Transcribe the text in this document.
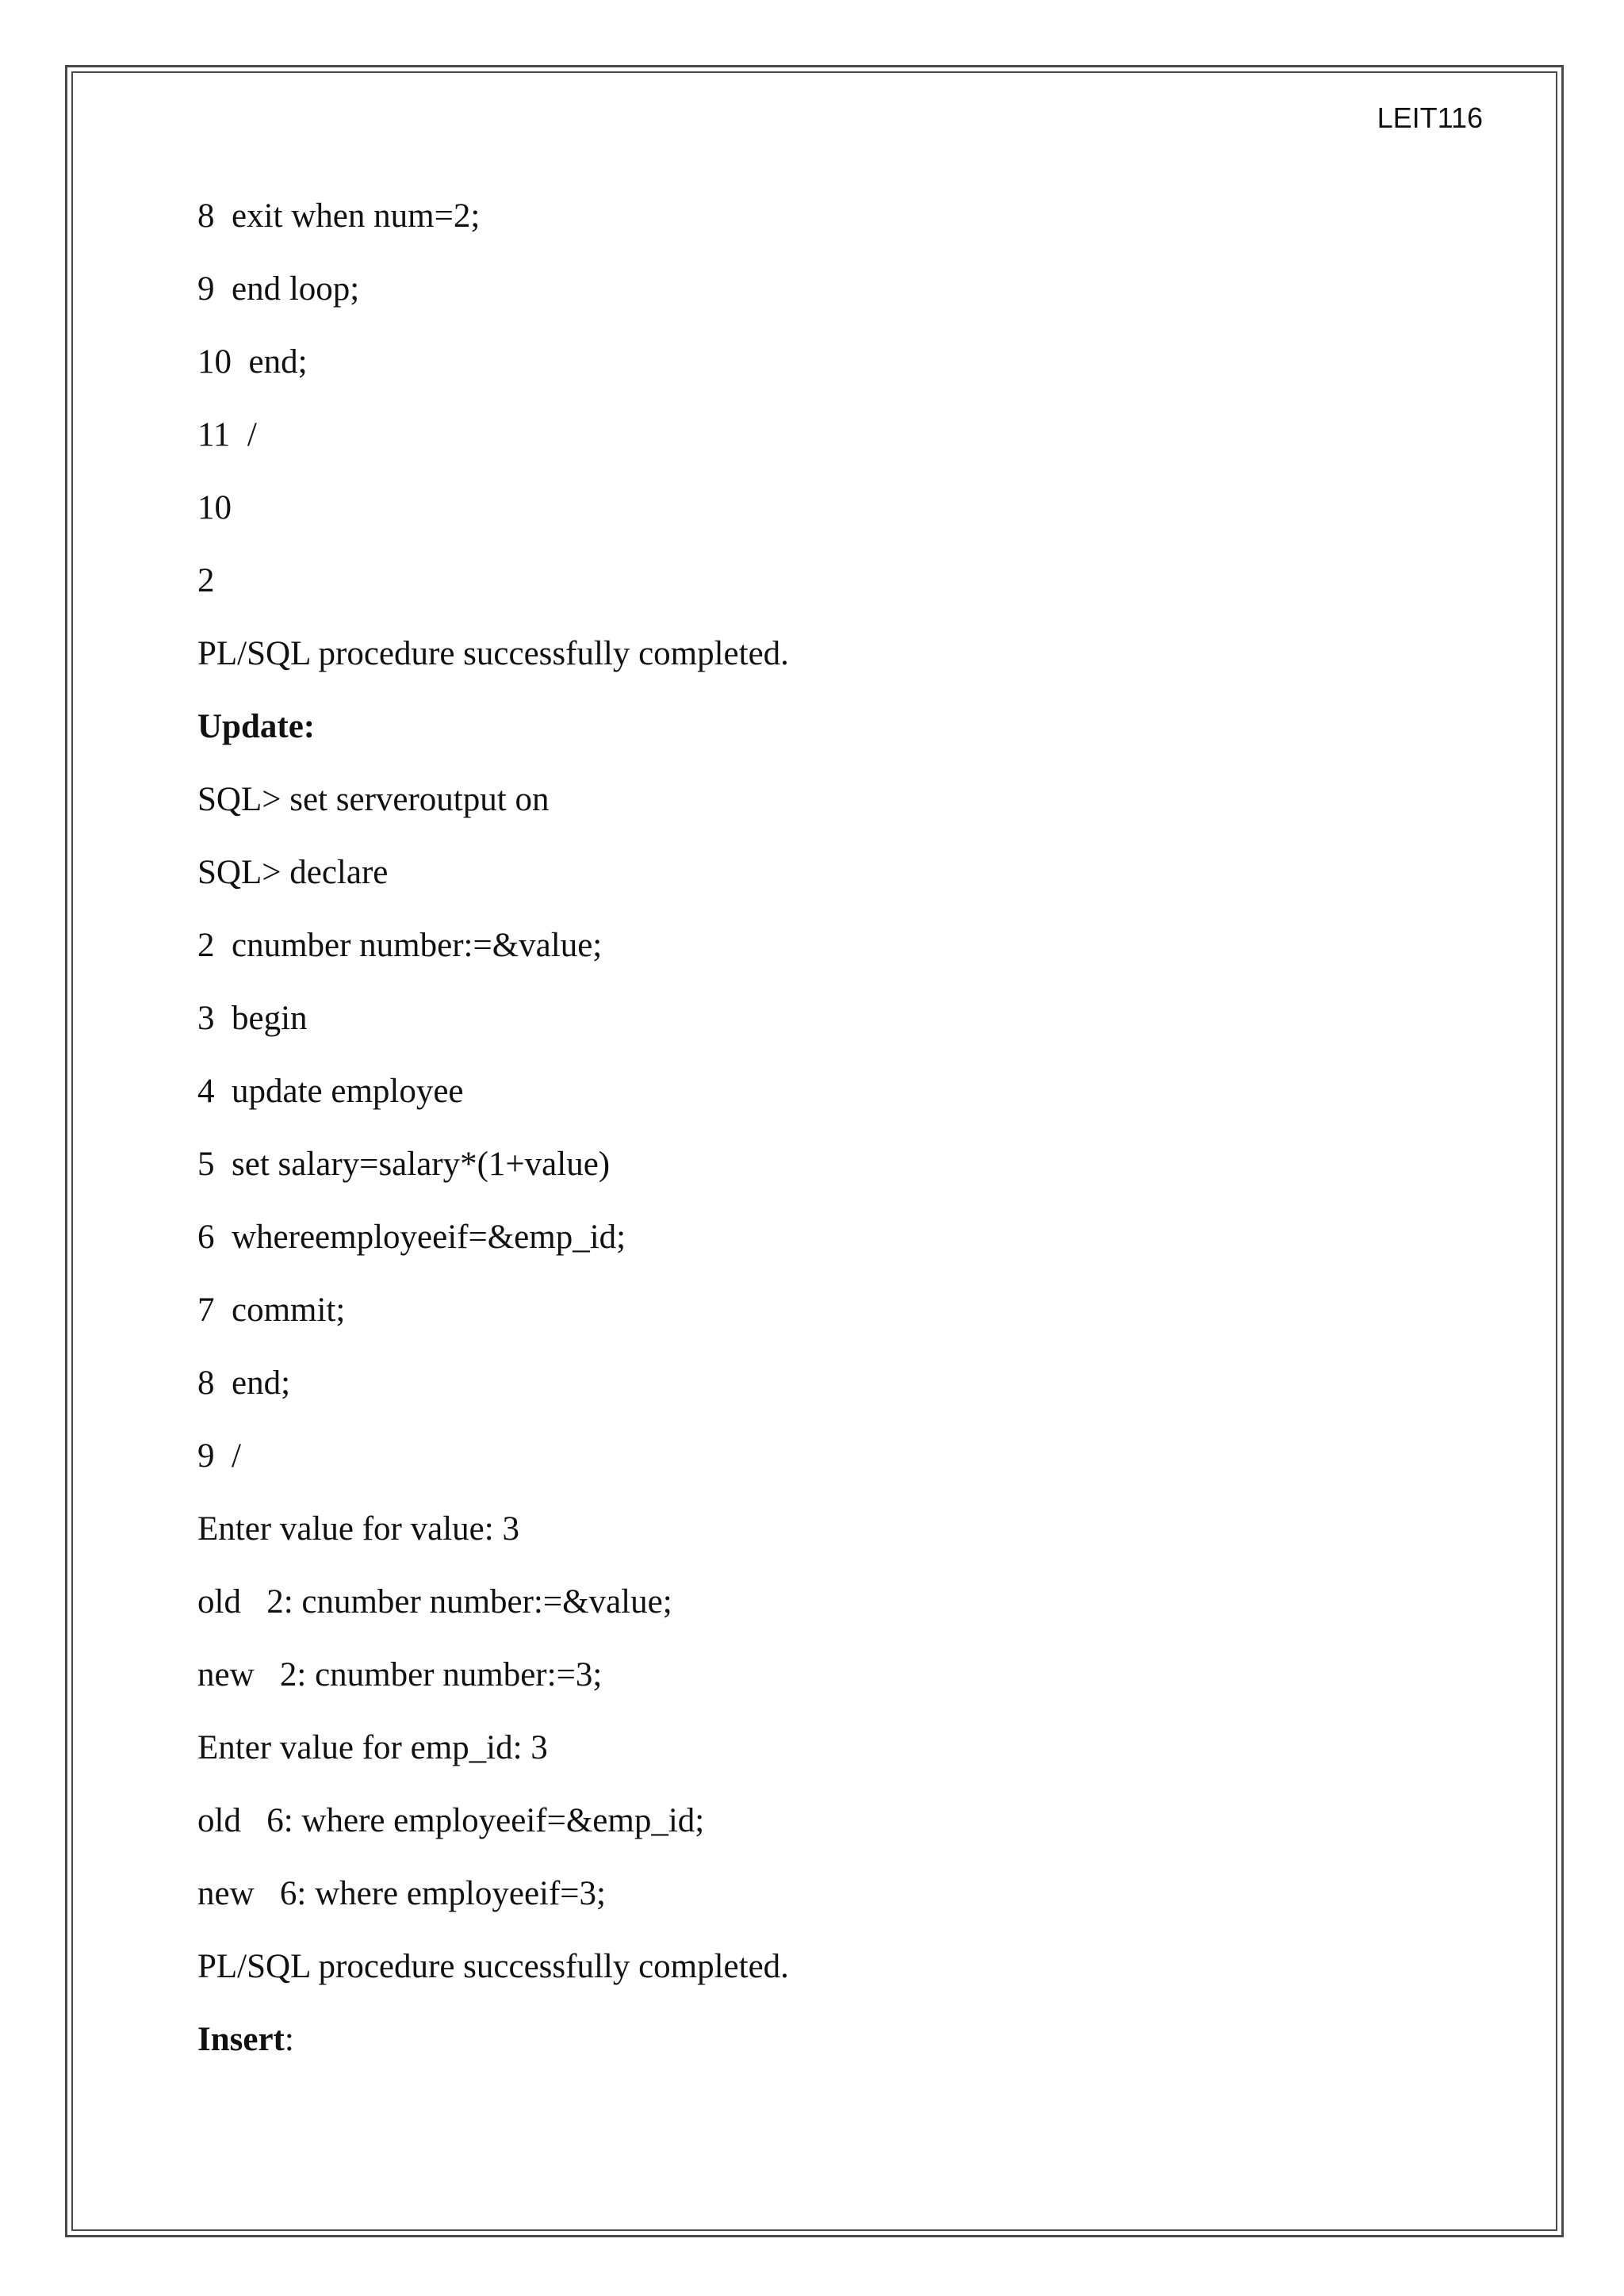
LEIT116
8  exit when num=2;
9  end loop;
10  end;
11  /
10
2
PL/SQL procedure successfully completed.
Update:
SQL> set serveroutput on
SQL> declare
2  cnumber number:=&value;
3  begin
4  update employee
5  set salary=salary*(1+value)
6  whereemployeeif=&emp_id;
7  commit;
8  end;
9  /
Enter value for value: 3
old   2: cnumber number:=&value;
new   2: cnumber number:=3;
Enter value for emp_id: 3
old   6: where employeeif=&emp_id;
new   6: where employeeif=3;
PL/SQL procedure successfully completed.
Insert:
